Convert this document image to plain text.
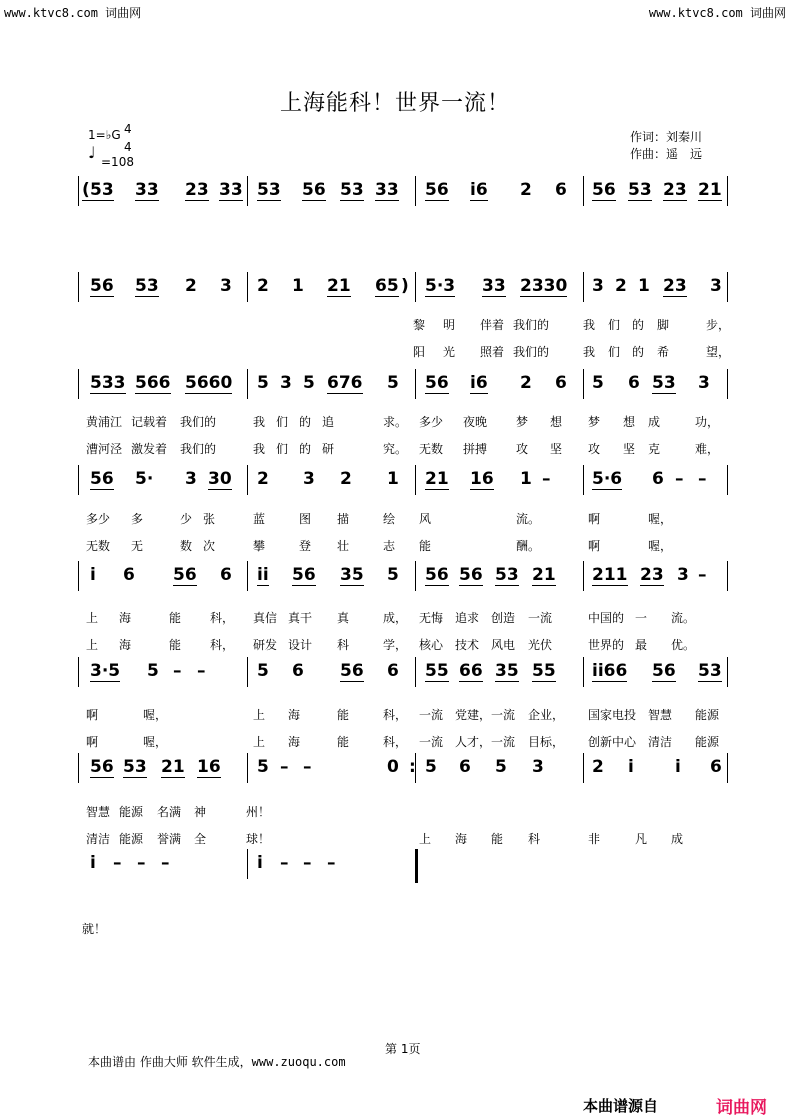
www.ktvc8.com 词曲网	www.ktvc8.com 词曲网
上海能科！世界一流！
1=♭G 4
4
♩ =108
作词：刘秦川
作曲：遥　远
( 53 33 23 33 53 56 53 33 56 i6 2 6 56 53 23 21
56 53 2 3 2 1 21 65 ) 5·3 33 2330 3 2 1 23 3
533 566 5660 5 3 5 676 5 56 i6 2 6 5 6 53 3
56 5· 3 30 2 3 2 1 21 16 1 – 5·6 6 – –
i 6 56 6 ii 56 35 5 56 56 53 21 211 23 3 –
3·5 5 – –	5 6 56 6 55 66 35 55 ii66 56 53
56 53 21 16 5 – –	0 : 5 6 5 3	2 i i 6
i – – –	i – – –
黎 明 伴着 我们的	我 们 的 脚	步，
阳 光 照着 我们的	我 们 的 希	望，
黄浦江 记载着 我们的	我 们 的 追	求。 多少 夜晚 梦 想 梦 想 成	功，
漕河泾 激发着 我们的	我 们 的 研	究。 无数 拼搏 攻 坚 攻 坚 克	难，
多少 多	少 张	蓝	图 描	绘 风	流。	啊	喔，
无数 无	数 次	攀	登 壮	志 能	酬。	啊	喔，
上 海	能 科， 真信 真干 真	成， 无悔 追求 创造 一流	中国的 一 流。
上 海	能 科， 研发 设计 科	学， 核心 技术 风电 光伏	世界的 最 优。
啊	喔，	上 海	能	科， 一流 党建， 一流 企业， 国家电投 智慧 能源
啊	喔，	上 海	能	科， 一流 人才， 一流 目标， 创新中心 清洁 能源
智慧 能源 名满 神	州！
清洁 能源 誉满 全	球！	上 海 能 科	非	凡 成
就！
第 1页
本曲谱由 作曲大师 软件生成，www.zuoqu.com
本曲谱源自	词曲网
